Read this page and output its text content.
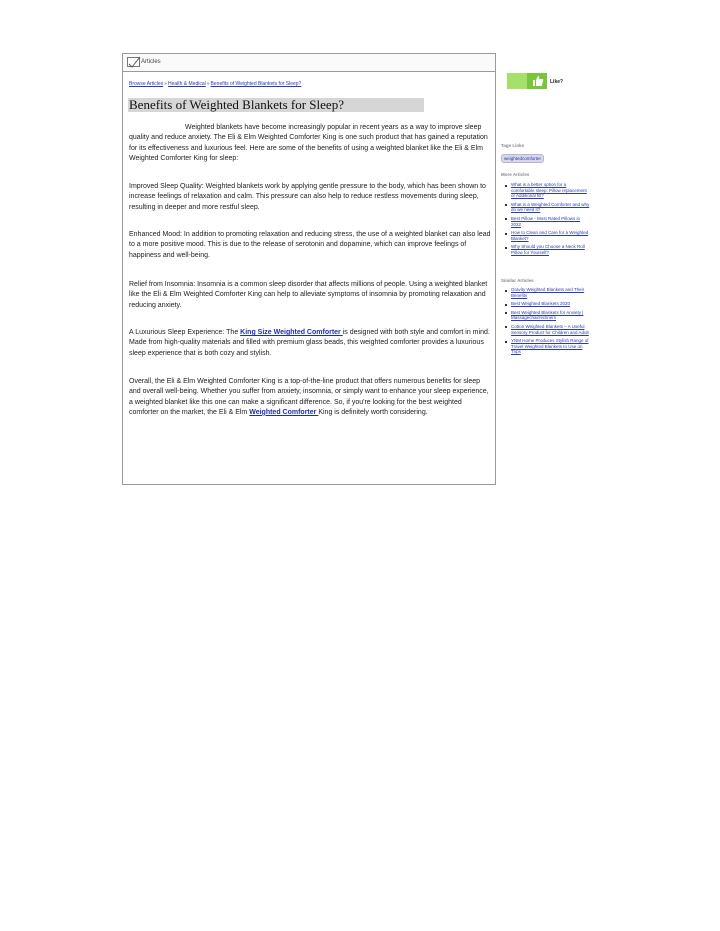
Articles
Browse Articles»Health & Medical»Benefits of Weighted Blankets for Sleep?
Benefits of Weighted Blankets for Sleep?
Weighted blankets have become increasingly popular in recent years as a way to improve sleep quality and reduce anxiety. The Eli & Elm Weighted Comforter King is one such product that has gained a reputation for its effectiveness and luxurious feel. Here are some of the benefits of using a weighted blanket like the Eli & Elm Weighted Comforter King for sleep:
Improved Sleep Quality: Weighted blankets work by applying gentle pressure to the body, which has been shown to increase feelings of relaxation and calm. This pressure can also help to reduce restless movements during sleep, resulting in deeper and more restful sleep.
Enhanced Mood: In addition to promoting relaxation and reducing stress, the use of a weighted blanket can also lead to a more positive mood. This is due to the release of serotonin and dopamine, which can improve feelings of happiness and well-being.
Relief from Insomnia: Insomnia is a common sleep disorder that affects millions of people. Using a weighted blanket like the Eli & Elm Weighted Comforter King can help to alleviate symptoms of insomnia by promoting relaxation and reducing anxiety.
A Luxurious Sleep Experience: The King Size Weighted Comforter is designed with both style and comfort in mind. Made from high-quality materials and filled with premium glass beads, this weighted comforter provides a luxurious sleep experience that is both cozy and stylish.
Overall, the Eli & Elm Weighted Comforter King is a top-of-the-line product that offers numerous benefits for sleep and overall well-being. Whether you suffer from anxiety, insomnia, or simply want to enhance your sleep experience, a weighted blanket like this one can make a significant difference. So, if you're looking for the best weighted comforter on the market, the Eli & Elm Weighted Comforter King is definitely worth considering.
Like?
Tags Links
weightedcomforter
More Articles
What is a better option for a comfortable sleep: Pillow replacement or Additional fill?
What is a Weighted Comforter and why do we need it?
Best Pillow - Most Rated Pillows in 2022
How to Clean and Care for a Weighted Blanket?
Why Should you Choose a Neck Roll Pillow for Yourself?
Similar Articles
Gravity Weighted Blankets and Their Benefits
Best Weighted Blankets 2020
Best Weighted Blankets for Anxiety | Massagechairrecliners
Cotton Weighted Blankets – A Useful Sensory Product for Children and Adult
YNM Home Produces Stylish Range of Travel Weighted Blankets to Use on Trips
